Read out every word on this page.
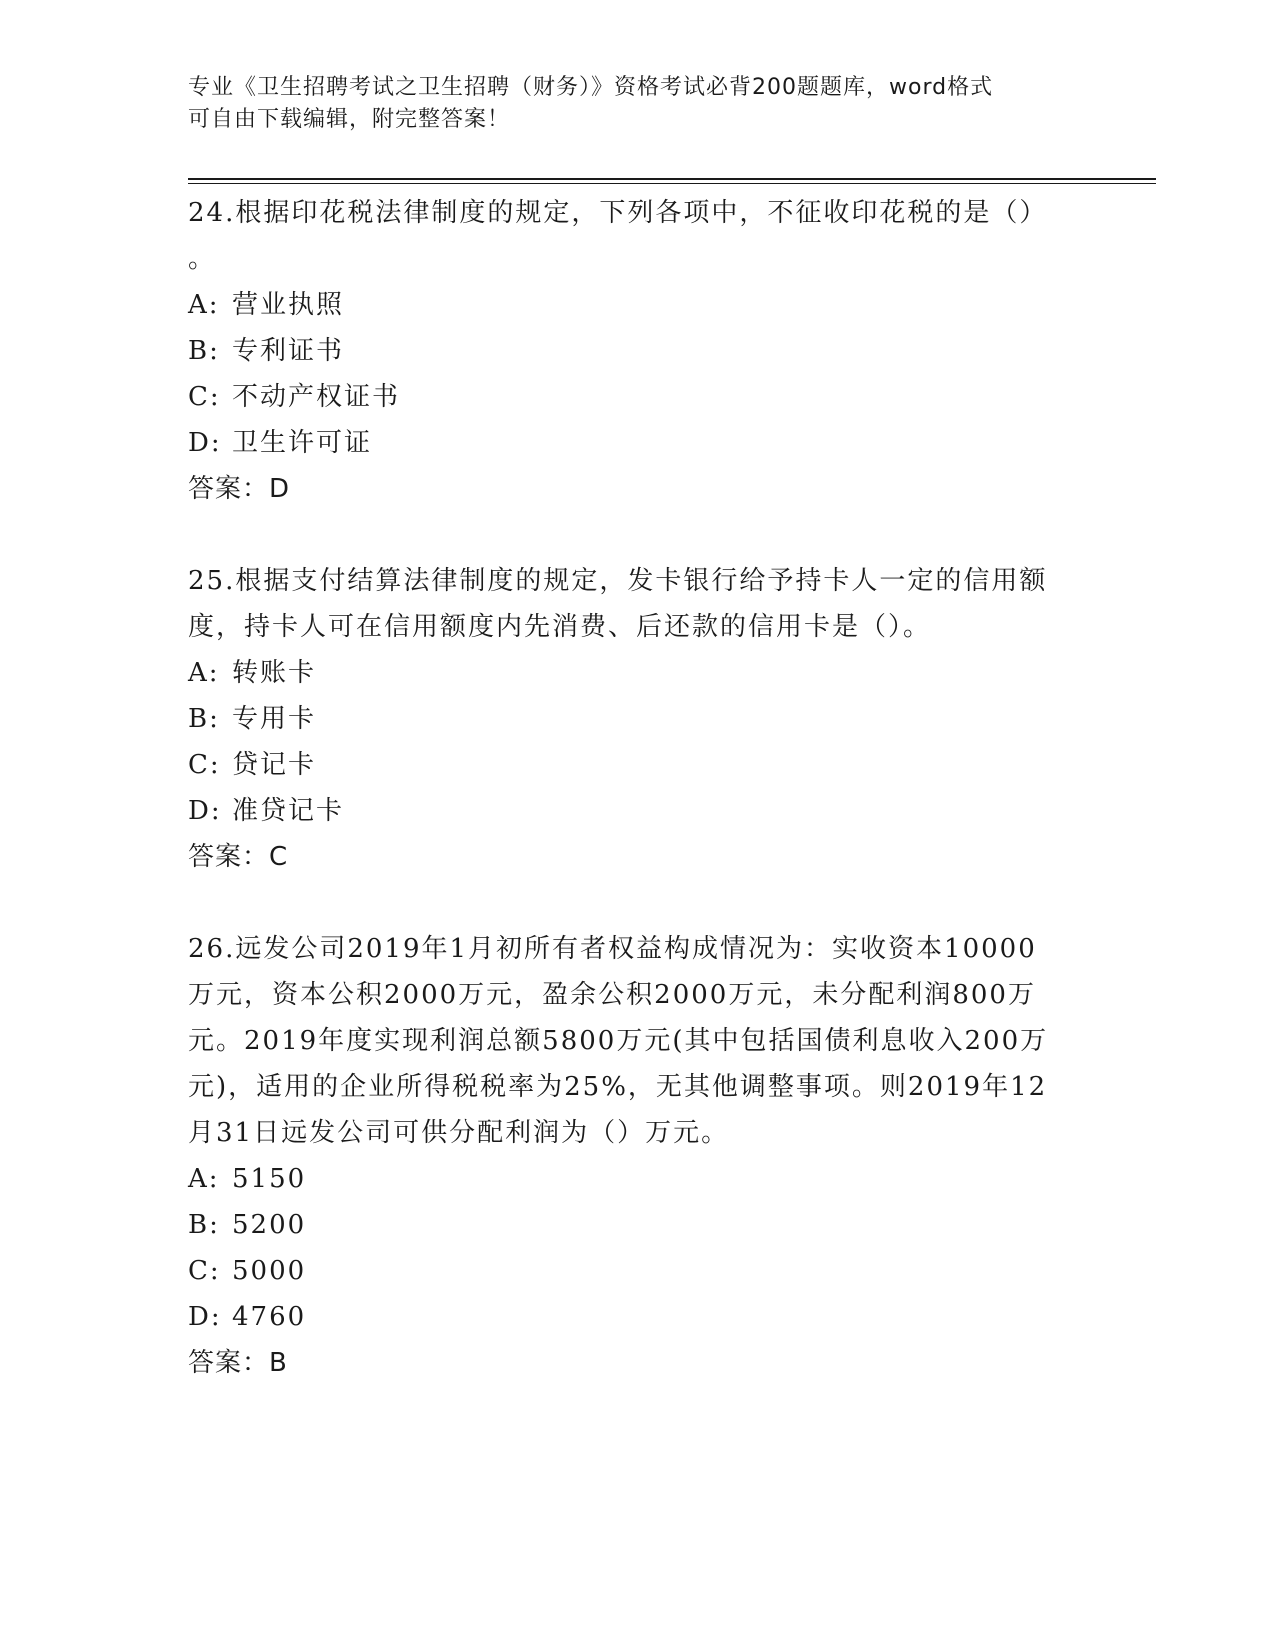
专业《卫生招聘考试之卫生招聘（财务）》资格考试必背200题题库，word格式
可自由下载编辑，附完整答案！

24.根据印花税法律制度的规定，下列各项中，不征收印花税的是（）

。

A: 营业执照

B: 专利证书

C: 不动产权证书

D: 卫生许可证

答案：D

25.根据支付结算法律制度的规定，发卡银行给予持卡人一定的信用额

度，持卡人可在信用额度内先消费、后还款的信用卡是（）。

A: 转账卡

B: 专用卡

C: 贷记卡

D: 准贷记卡

答案：C

26.远发公司2019年1月初所有者权益构成情况为：实收资本10000

万元，资本公积2000万元，盈余公积2000万元，未分配利润800万

元。2019年度实现利润总额5800万元(其中包括国债利息收入200万

元)，适用的企业所得税税率为25%，无其他调整事项。则2019年12

月31日远发公司可供分配利润为（）万元。

A: 5150

B: 5200

C: 5000

D: 4760

答案：B
